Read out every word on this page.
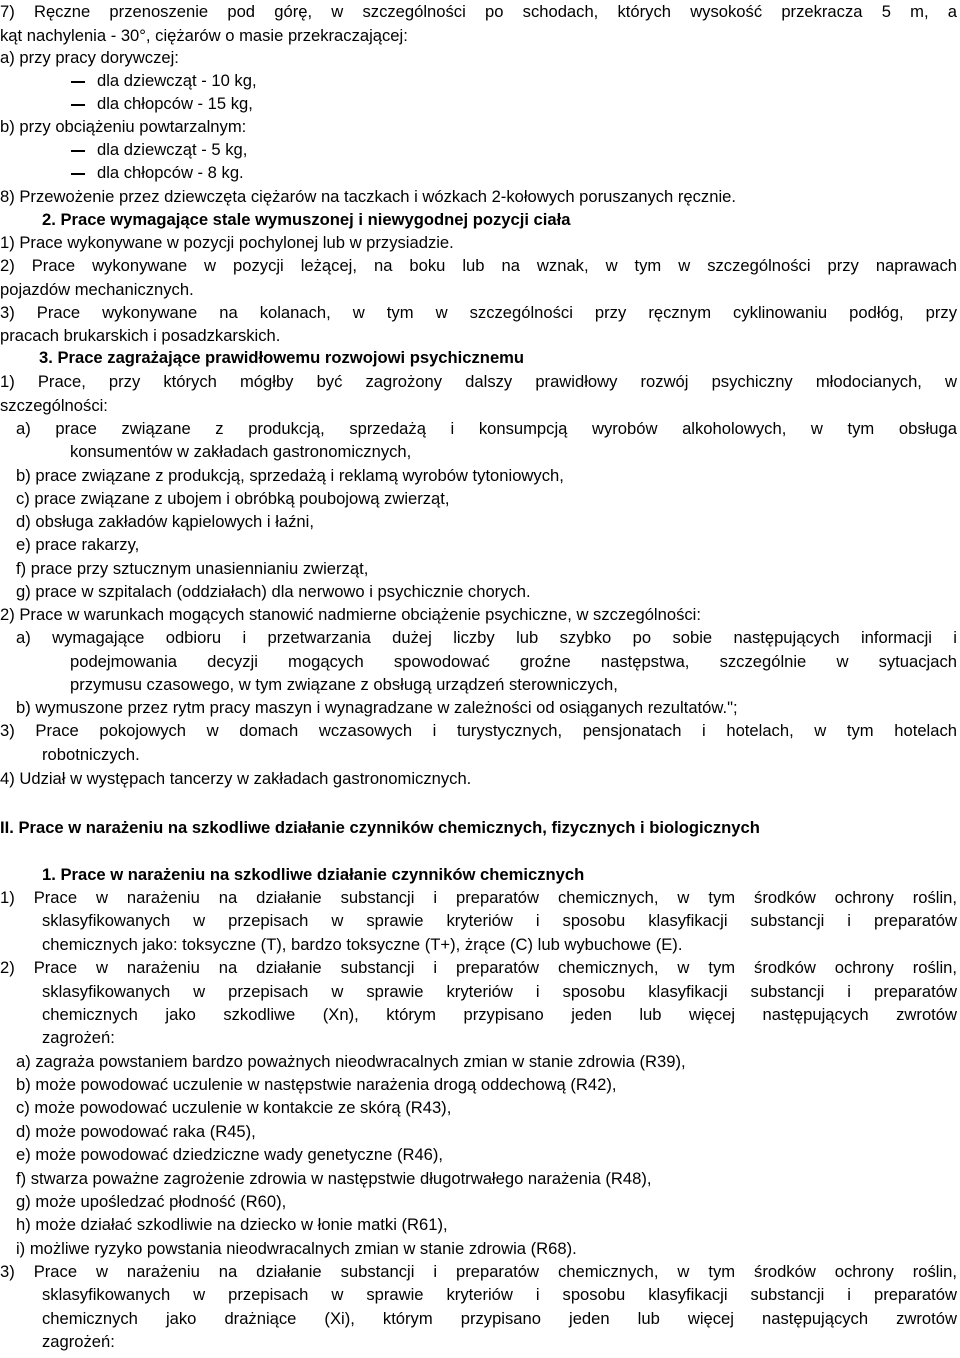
7) Ręczne przenoszenie pod górę, w szczególności po schodach, których wysokość przekracza 5 m, a
kąt nachylenia - 30°, ciężarów o masie przekraczającej:
a) przy pracy dorywczej:
dla dziewcząt - 10 kg,
dla chłopców - 15 kg,
b) przy obciążeniu powtarzalnym:
dla dziewcząt - 5 kg,
dla chłopców - 8 kg.
8) Przewożenie przez dziewczęta ciężarów na taczkach i wózkach 2-kołowych poruszanych ręcznie.
2. Prace wymagające stale wymuszonej i niewygodnej pozycji ciała
1) Prace wykonywane w pozycji pochylonej lub w przysiadzie.
2) Prace wykonywane w pozycji leżącej, na boku lub na wznak, w tym w szczególności przy naprawach
pojazdów mechanicznych.
3) Prace wykonywane na kolanach, w tym w szczególności przy ręcznym cyklinowaniu podłóg, przy
pracach brukarskich i posadzkarskich.
3. Prace zagrażające prawidłowemu rozwojowi psychicznemu
1) Prace, przy których mógłby być zagrożony dalszy prawidłowy rozwój psychiczny młodocianych, w
szczególności:
a) prace związane z produkcją, sprzedażą i konsumpcją wyrobów alkoholowych, w tym obsługa
konsumentów w zakładach gastronomicznych,
b) prace związane z produkcją, sprzedażą i reklamą wyrobów tytoniowych,
c) prace związane z ubojem i obróbką poubojową zwierząt,
d) obsługa zakładów kąpielowych i łaźni,
e) prace rakarzy,
f) prace przy sztucznym unasiennianiu zwierząt,
g) prace w szpitalach (oddziałach) dla nerwowo i psychicznie chorych.
2) Prace w warunkach mogących stanowić nadmierne obciążenie psychiczne, w szczególności:
a) wymagające odbioru i przetwarzania dużej liczby lub szybko po sobie następujących informacji i
podejmowania decyzji mogących spowodować groźne następstwa, szczególnie w sytuacjach
przymusu czasowego, w tym związane z obsługą urządzeń sterowniczych,
b) wymuszone przez rytm pracy maszyn i wynagradzane w zależności od osiąganych rezultatów.";
3) Prace pokojowych w domach wczasowych i turystycznych, pensjonatach i hotelach, w tym hotelach
robotniczych.
4) Udział w występach tancerzy w zakładach gastronomicznych.
II. Prace w narażeniu na szkodliwe działanie czynników chemicznych, fizycznych i biologicznych
1. Prace w narażeniu na szkodliwe działanie czynników chemicznych
1) Prace w narażeniu na działanie substancji i preparatów chemicznych, w tym środków ochrony roślin,
sklasyfikowanych w przepisach w sprawie kryteriów i sposobu klasyfikacji substancji i preparatów
chemicznych jako: toksyczne (T), bardzo toksyczne (T+), żrące (C) lub wybuchowe (E).
2) Prace w narażeniu na działanie substancji i preparatów chemicznych, w tym środków ochrony roślin,
sklasyfikowanych w przepisach w sprawie kryteriów i sposobu klasyfikacji substancji i preparatów
chemicznych jako szkodliwe (Xn), którym przypisano jeden lub więcej następujących zwrotów
zagrożeń:
a) zagraża powstaniem bardzo poważnych nieodwracalnych zmian w stanie zdrowia (R39),
b) może powodować uczulenie w następstwie narażenia drogą oddechową (R42),
c) może powodować uczulenie w kontakcie ze skórą (R43),
d) może powodować raka (R45),
e) może powodować dziedziczne wady genetyczne (R46),
f) stwarza poważne zagrożenie zdrowia w następstwie długotrwałego narażenia (R48),
g) może upośledzać płodność (R60),
h) może działać szkodliwie na dziecko w łonie matki (R61),
i) możliwe ryzyko powstania nieodwracalnych zmian w stanie zdrowia (R68).
3) Prace w narażeniu na działanie substancji i preparatów chemicznych, w tym środków ochrony roślin,
sklasyfikowanych w przepisach w sprawie kryteriów i sposobu klasyfikacji substancji i preparatów
chemicznych jako drażniące (Xi), którym przypisano jeden lub więcej następujących zwrotów
zagrożeń:
